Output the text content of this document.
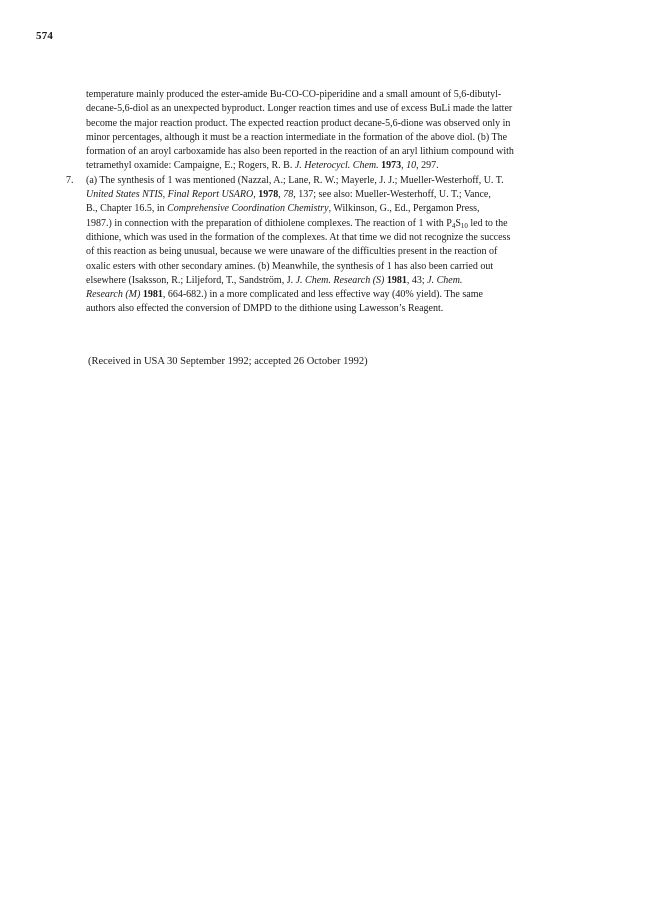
574
temperature mainly produced the ester-amide Bu-CO-CO-piperidine and a small amount of 5,6-dibutyl-
decane-5,6-diol as an unexpected byproduct. Longer reaction times and use of excess BuLi made the latter
become the major reaction product. The expected reaction product decane-5,6-dione was observed only in
minor percentages, although it must be a reaction intermediate in the formation of the above diol. (b) The
formation of an aroyl carboxamide has also been reported in the reaction of an aryl lithium compound with
tetramethyl oxamide: Campaigne, E.; Rogers, R. B. J. Heterocycl. Chem. 1973, 10, 297.
7. (a) The synthesis of 1 was mentioned (Nazzal, A.; Lane, R. W.; Mayerle, J. J.; Mueller-Westerhoff, U. T.
United States NTIS, Final Report USARO, 1978, 78, 137; see also: Mueller-Westerhoff, U. T.; Vance,
B., Chapter 16.5, in Comprehensive Coordination Chemistry, Wilkinson, G., Ed., Pergamon Press,
1987.) in connection with the preparation of dithiolene complexes. The reaction of 1 with $P_4S_{10}$ led to the
dithione, which was used in the formation of the complexes. At that time we did not recognize the success
of this reaction as being unusual, because we were unaware of the difficulties present in the reaction of
oxalic esters with other secondary amines. (b) Meanwhile, the synthesis of 1 has also been carried out
elsewhere (Isaksson, R.; Liljeford, T., Sandström, J. J. Chem. Research (S) 1981, 43; J. Chem.
Research (M) 1981, 664-682.) in a more complicated and less effective way (40% yield). The same
authors also effected the conversion of DMPD to the dithione using Lawesson’s Reagent.
(Received in USA 30 September 1992; accepted 26 October 1992)
